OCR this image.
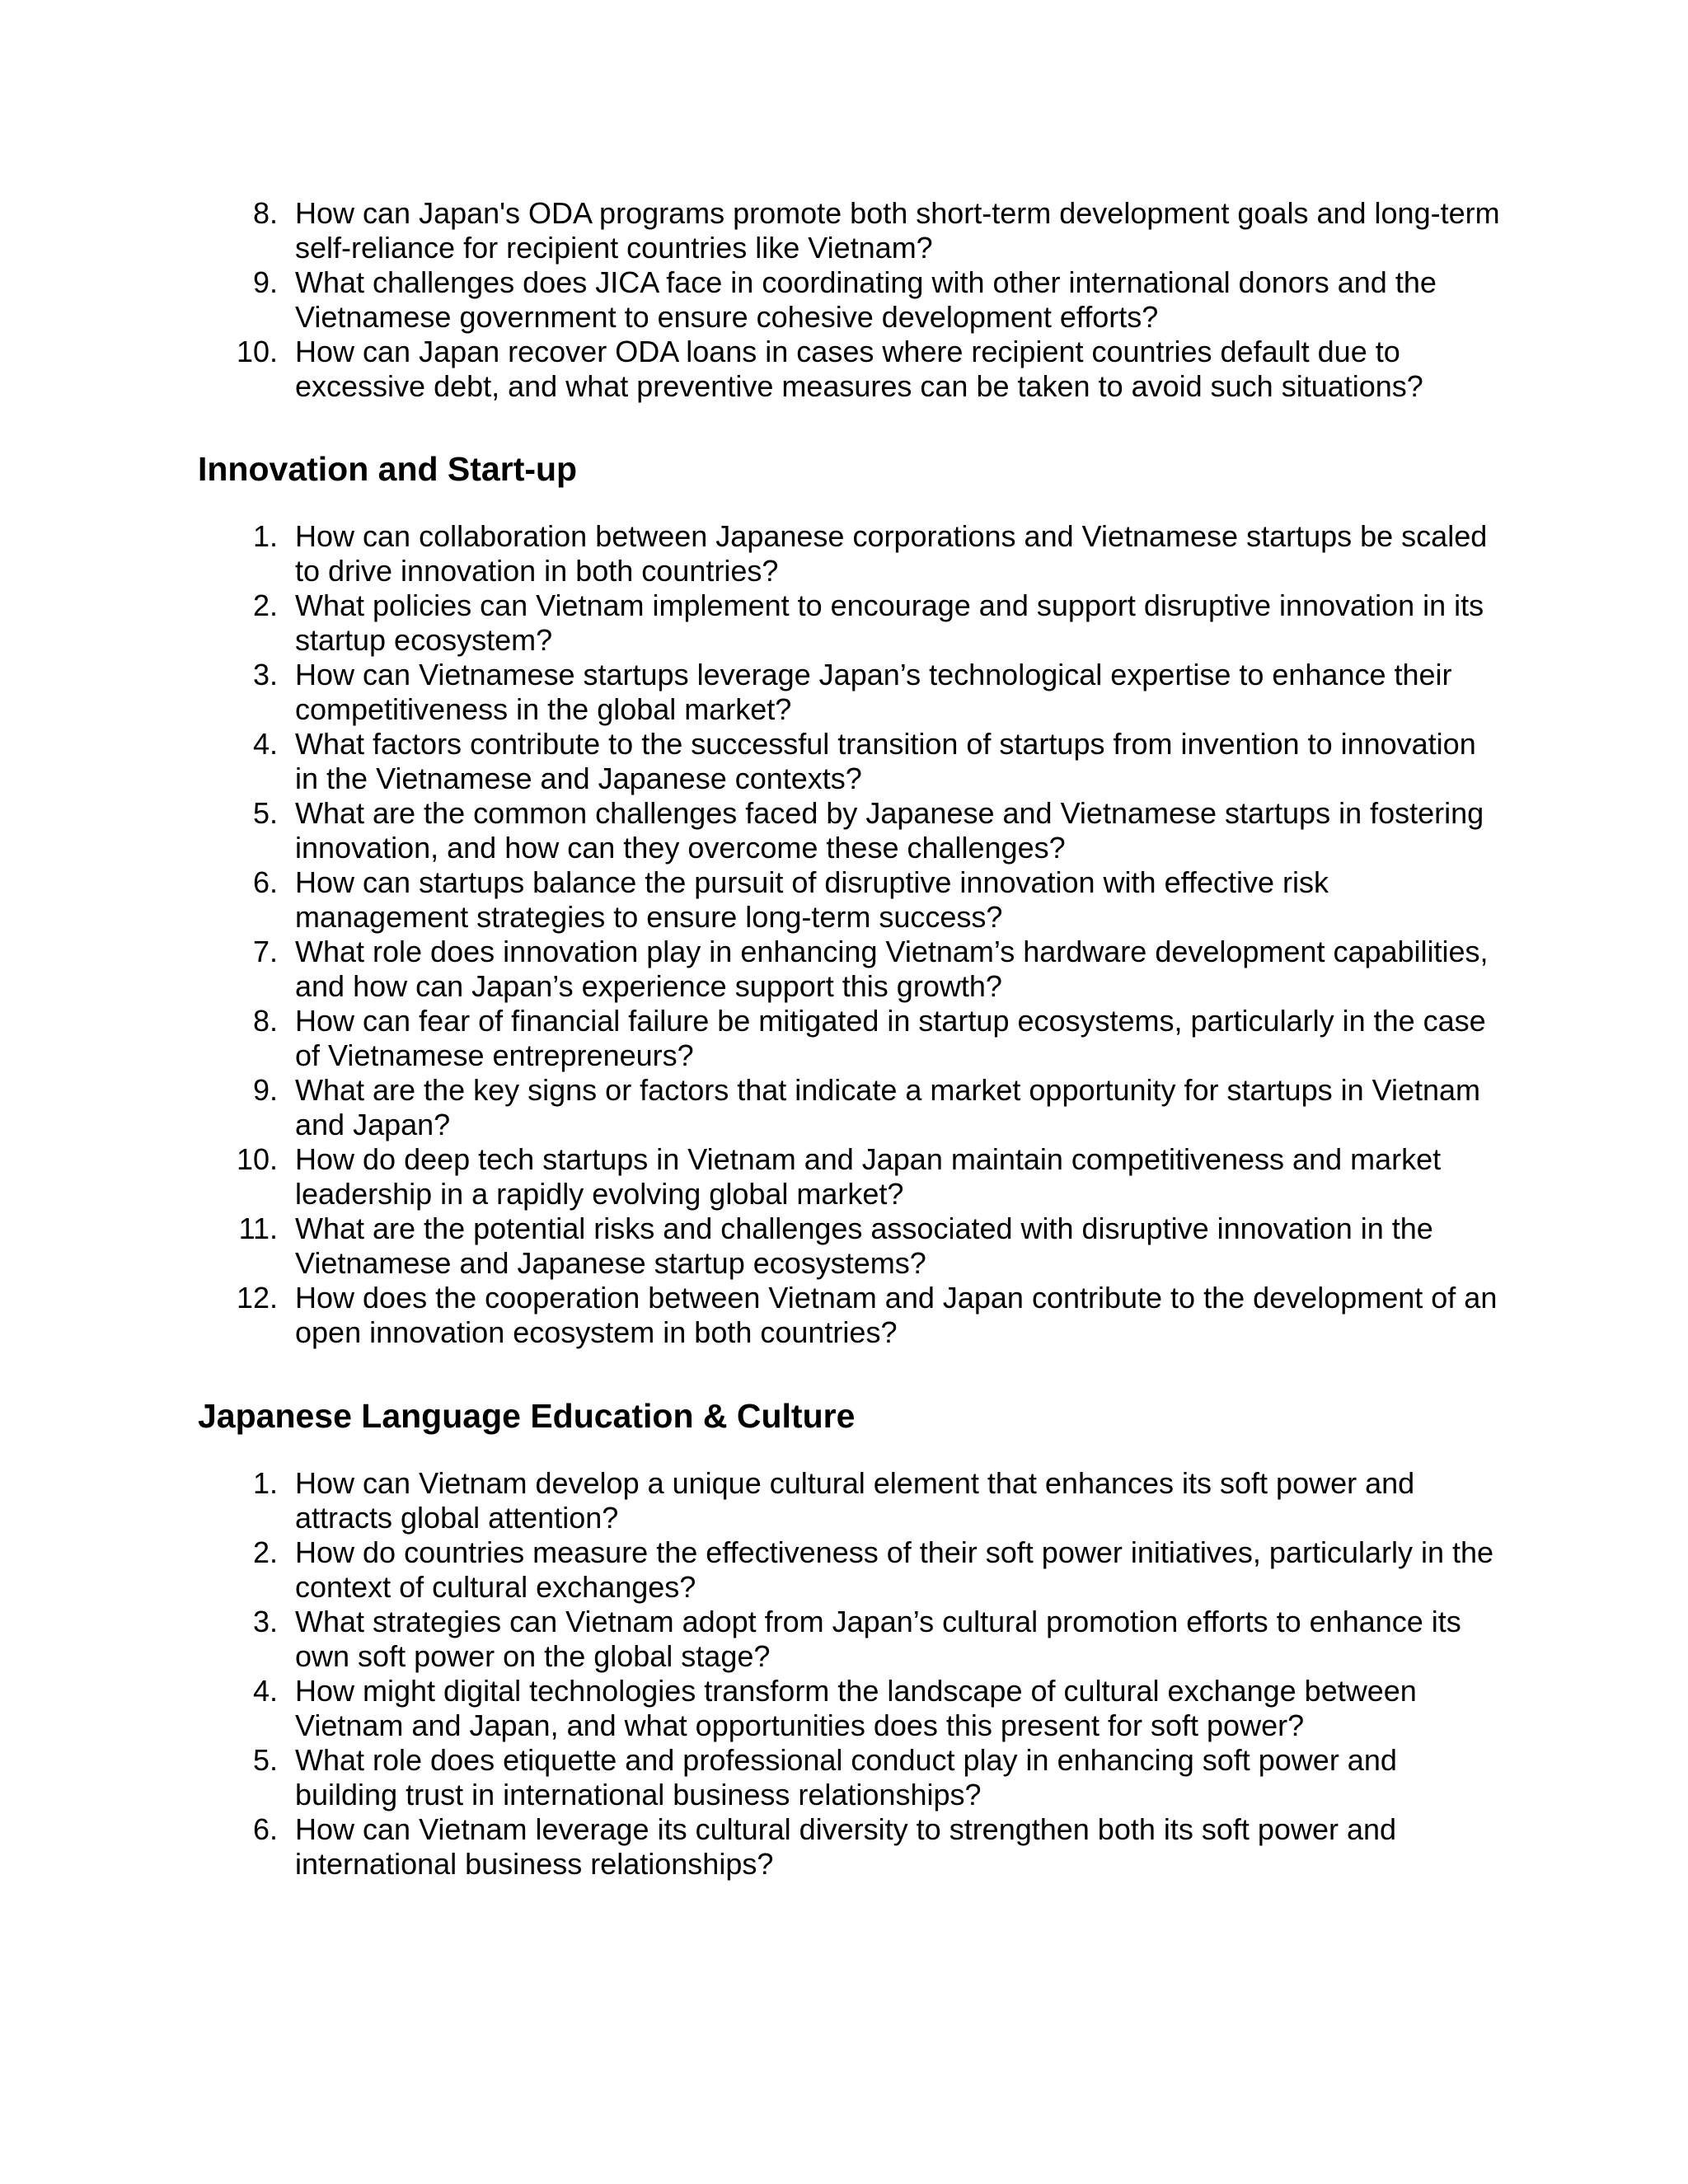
8. How can Japan's ODA programs promote both short-term development goals and long-term self-reliance for recipient countries like Vietnam?
9. What challenges does JICA face in coordinating with other international donors and the Vietnamese government to ensure cohesive development efforts?
10. How can Japan recover ODA loans in cases where recipient countries default due to excessive debt, and what preventive measures can be taken to avoid such situations?
Innovation and Start-up
1. How can collaboration between Japanese corporations and Vietnamese startups be scaled to drive innovation in both countries?
2. What policies can Vietnam implement to encourage and support disruptive innovation in its startup ecosystem?
3. How can Vietnamese startups leverage Japan’s technological expertise to enhance their competitiveness in the global market?
4. What factors contribute to the successful transition of startups from invention to innovation in the Vietnamese and Japanese contexts?
5. What are the common challenges faced by Japanese and Vietnamese startups in fostering innovation, and how can they overcome these challenges?
6. How can startups balance the pursuit of disruptive innovation with effective risk management strategies to ensure long-term success?
7. What role does innovation play in enhancing Vietnam’s hardware development capabilities, and how can Japan’s experience support this growth?
8. How can fear of financial failure be mitigated in startup ecosystems, particularly in the case of Vietnamese entrepreneurs?
9. What are the key signs or factors that indicate a market opportunity for startups in Vietnam and Japan?
10. How do deep tech startups in Vietnam and Japan maintain competitiveness and market leadership in a rapidly evolving global market?
11. What are the potential risks and challenges associated with disruptive innovation in the Vietnamese and Japanese startup ecosystems?
12. How does the cooperation between Vietnam and Japan contribute to the development of an open innovation ecosystem in both countries?
Japanese Language Education & Culture
1. How can Vietnam develop a unique cultural element that enhances its soft power and attracts global attention?
2. How do countries measure the effectiveness of their soft power initiatives, particularly in the context of cultural exchanges?
3. What strategies can Vietnam adopt from Japan’s cultural promotion efforts to enhance its own soft power on the global stage?
4. How might digital technologies transform the landscape of cultural exchange between Vietnam and Japan, and what opportunities does this present for soft power?
5. What role does etiquette and professional conduct play in enhancing soft power and building trust in international business relationships?
6. How can Vietnam leverage its cultural diversity to strengthen both its soft power and international business relationships?
